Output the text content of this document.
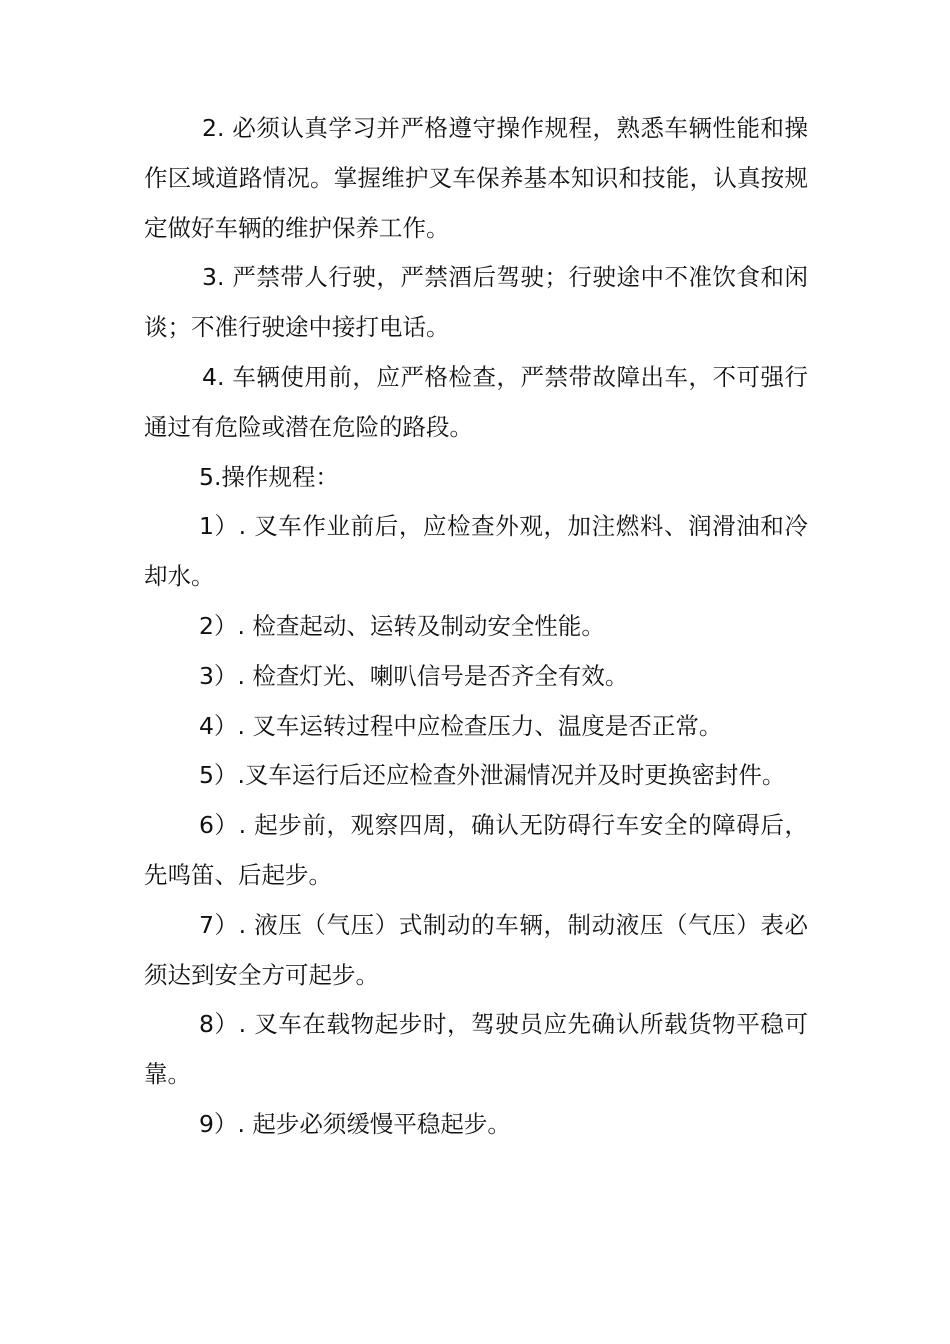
2. 必须认真学习并严格遵守操作规程，熟悉车辆性能和操作区域道路情况。掌握维护叉车保养基本知识和技能，认真按规定做好车辆的维护保养工作。

3. 严禁带人行驶，严禁酒后驾驶；行驶途中不准饮食和闲谈；不准行驶途中接打电话。

4. 车辆使用前，应严格检查，严禁带故障出车，不可强行通过有危险或潜在危险的路段。

5.操作规程：

1）. 叉车作业前后，应检查外观，加注燃料、润滑油和冷却水。

2）. 检查起动、运转及制动安全性能。

3）. 检查灯光、喇叭信号是否齐全有效。

4）. 叉车运转过程中应检查压力、温度是否正常。

5）.叉车运行后还应检查外泄漏情况并及时更换密封件。

6）. 起步前，观察四周，确认无防碍行车安全的障碍后，先鸣笛、后起步。

7）. 液压（气压）式制动的车辆，制动液压（气压）表必须达到安全方可起步。

8）. 叉车在载物起步时，驾驶员应先确认所载货物平稳可靠。

9）. 起步必须缓慢平稳起步。
